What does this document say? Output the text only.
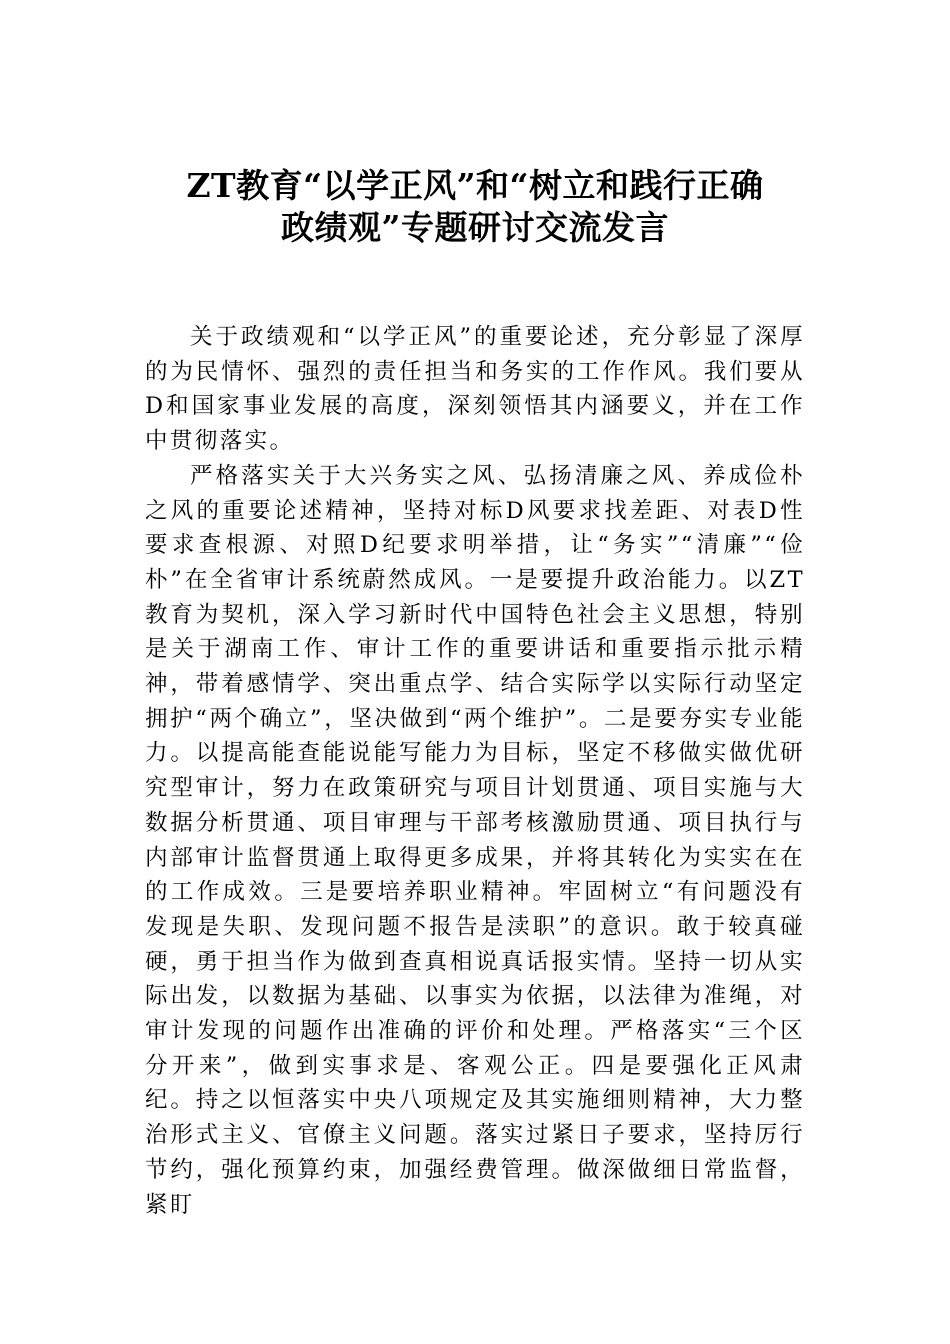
ZT教育“以学正风”和“树立和践行正确
政绩观”专题研讨交流发言

关于政绩观和“以学正风”的重要论述，充分彰显了深厚的为民情怀、强烈的责任担当和务实的工作作风。我们要从D和国家事业发展的高度，深刻领悟其内涵要义，并在工作中贯彻落实。

严格落实关于大兴务实之风、弘扬清廉之风、养成俭朴之风的重要论述精神，坚持对标D风要求找差距、对表D性要求查根源、对照D纪要求明举措，让“务实”“清廉”“俭朴”在全省审计系统蔚然成风。一是要提升政治能力。以ZT教育为契机，深入学习新时代中国特色社会主义思想，特别是关于湖南工作、审计工作的重要讲话和重要指示批示精神，带着感情学、突出重点学、结合实际学以实际行动坚定拥护“两个确立”，坚决做到“两个维护”。二是要夯实专业能力。以提高能查能说能写能力为目标，坚定不移做实做优研究型审计，努力在政策研究与项目计划贯通、项目实施与大数据分析贯通、项目审理与干部考核激励贯通、项目执行与内部审计监督贯通上取得更多成果，并将其转化为实实在在的工作成效。三是要培养职业精神。牢固树立“有问题没有发现是失职、发现问题不报告是渎职”的意识。敢于较真碰硬，勇于担当作为做到查真相说真话报实情。坚持一切从实际出发，以数据为基础、以事实为依据，以法律为准绳，对审计发现的问题作出准确的评价和处理。严格落实“三个区分开来”，做到实事求是、客观公正。四是要强化正风肃纪。持之以恒落实中央八项规定及其实施细则精神，大力整治形式主义、官僚主义问题。落实过紧日子要求，坚持厉行节约，强化预算约束，加强经费管理。做深做细日常监督，紧盯
